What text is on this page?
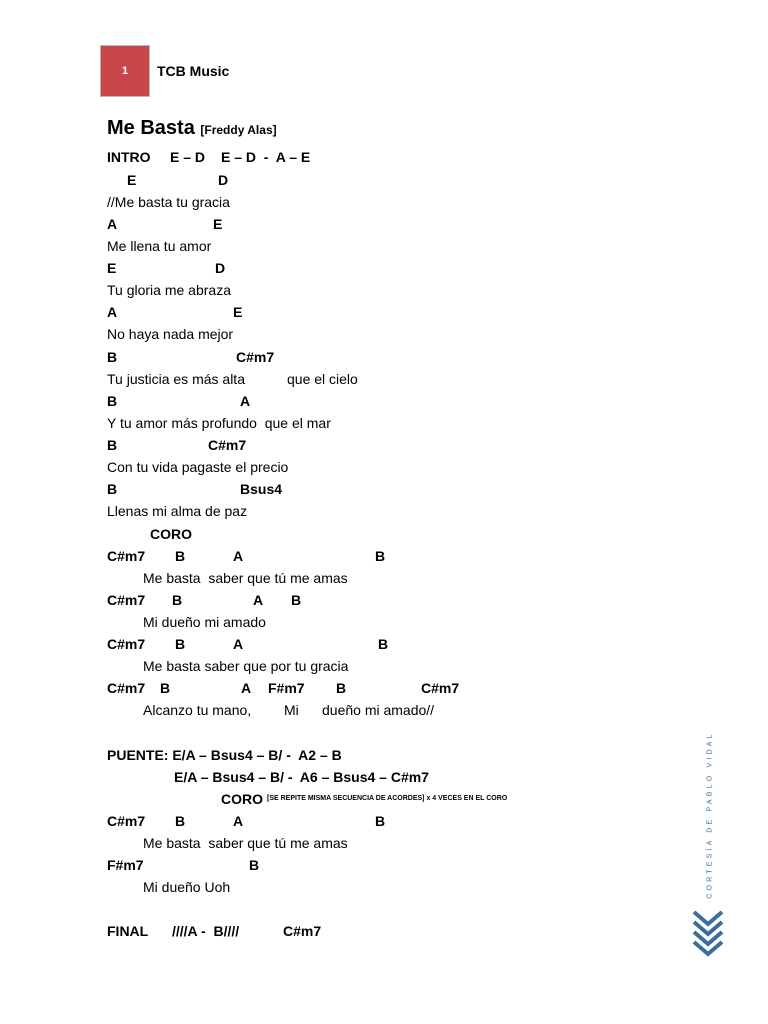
1 TCB Music
Me Basta [Freddy Alas]
INTRO E – D E – D  -  A – E
E	D
//Me basta tu gracia
A	E
Me llena tu amor
E	D
Tu gloria me abraza
A	E
No haya nada mejor
B	C#m7
Tu justicia es más alta	que el cielo
B	A
Y tu amor más profundo  que el mar
B	C#m7
Con tu vida pagaste el precio
B	Bsus4
Llenas mi alma de paz
CORO
C#m7 B	A	B
Me basta  saber que tú me amas
C#m7 B	A B
Mi dueño mi amado
C#m7 B	A	B
Me basta saber que por tu gracia
C#m7 B	A F#m7 B	C#m7
Alcanzo tu mano, Mi dueño mi amado//
PUENTE: E/A – Bsus4 – B/ -  A2 – B
E/A – Bsus4 – B/ -  A6 – Bsus4 – C#m7
CORO [SE REPITE MISMA SECUENCIA DE ACORDES] x 4 VECES EN EL CORO
C#m7 B	A	B
Me basta  saber que tú me amas
F#m7	B
Mi dueño Uoh
FINAL ////A -  B////	C#m7
CORTESÍA DE PABLO VIDAL
